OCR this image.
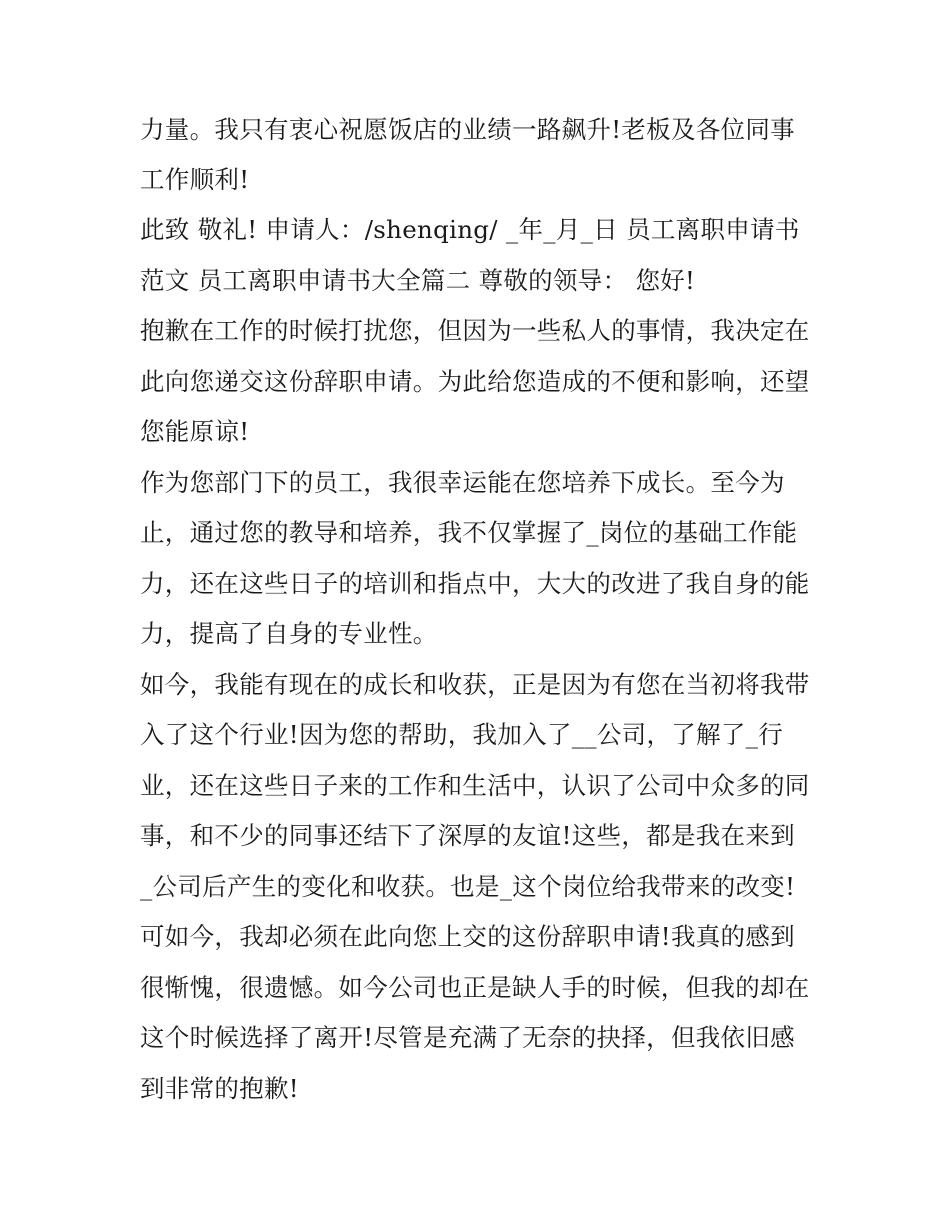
力量。我只有衷心祝愿饭店的业绩一路飙升!老板及各位同事
工作顺利!
此致 敬礼! 申请人：/shenqing/ _年_月_日 员工离职申请书
范文 员工离职申请书大全篇二 尊敬的领导： 您好!
抱歉在工作的时候打扰您，但因为一些私人的事情，我决定在
此向您递交这份辞职申请。为此给您造成的不便和影响，还望
您能原谅!
作为您部门下的员工，我很幸运能在您培养下成长。至今为
止，通过您的教导和培养，我不仅掌握了_岗位的基础工作能
力，还在这些日子的培训和指点中，大大的改进了我自身的能
力，提高了自身的专业性。
如今，我能有现在的成长和收获，正是因为有您在当初将我带
入了这个行业!因为您的帮助，我加入了__公司，了解了_行
业，还在这些日子来的工作和生活中，认识了公司中众多的同
事，和不少的同事还结下了深厚的友谊!这些，都是我在来到
_公司后产生的变化和收获。也是_这个岗位给我带来的改变!
可如今，我却必须在此向您上交的这份辞职申请!我真的感到
很惭愧，很遗憾。如今公司也正是缺人手的时候，但我的却在
这个时候选择了离开!尽管是充满了无奈的抉择，但我依旧感
到非常的抱歉!
